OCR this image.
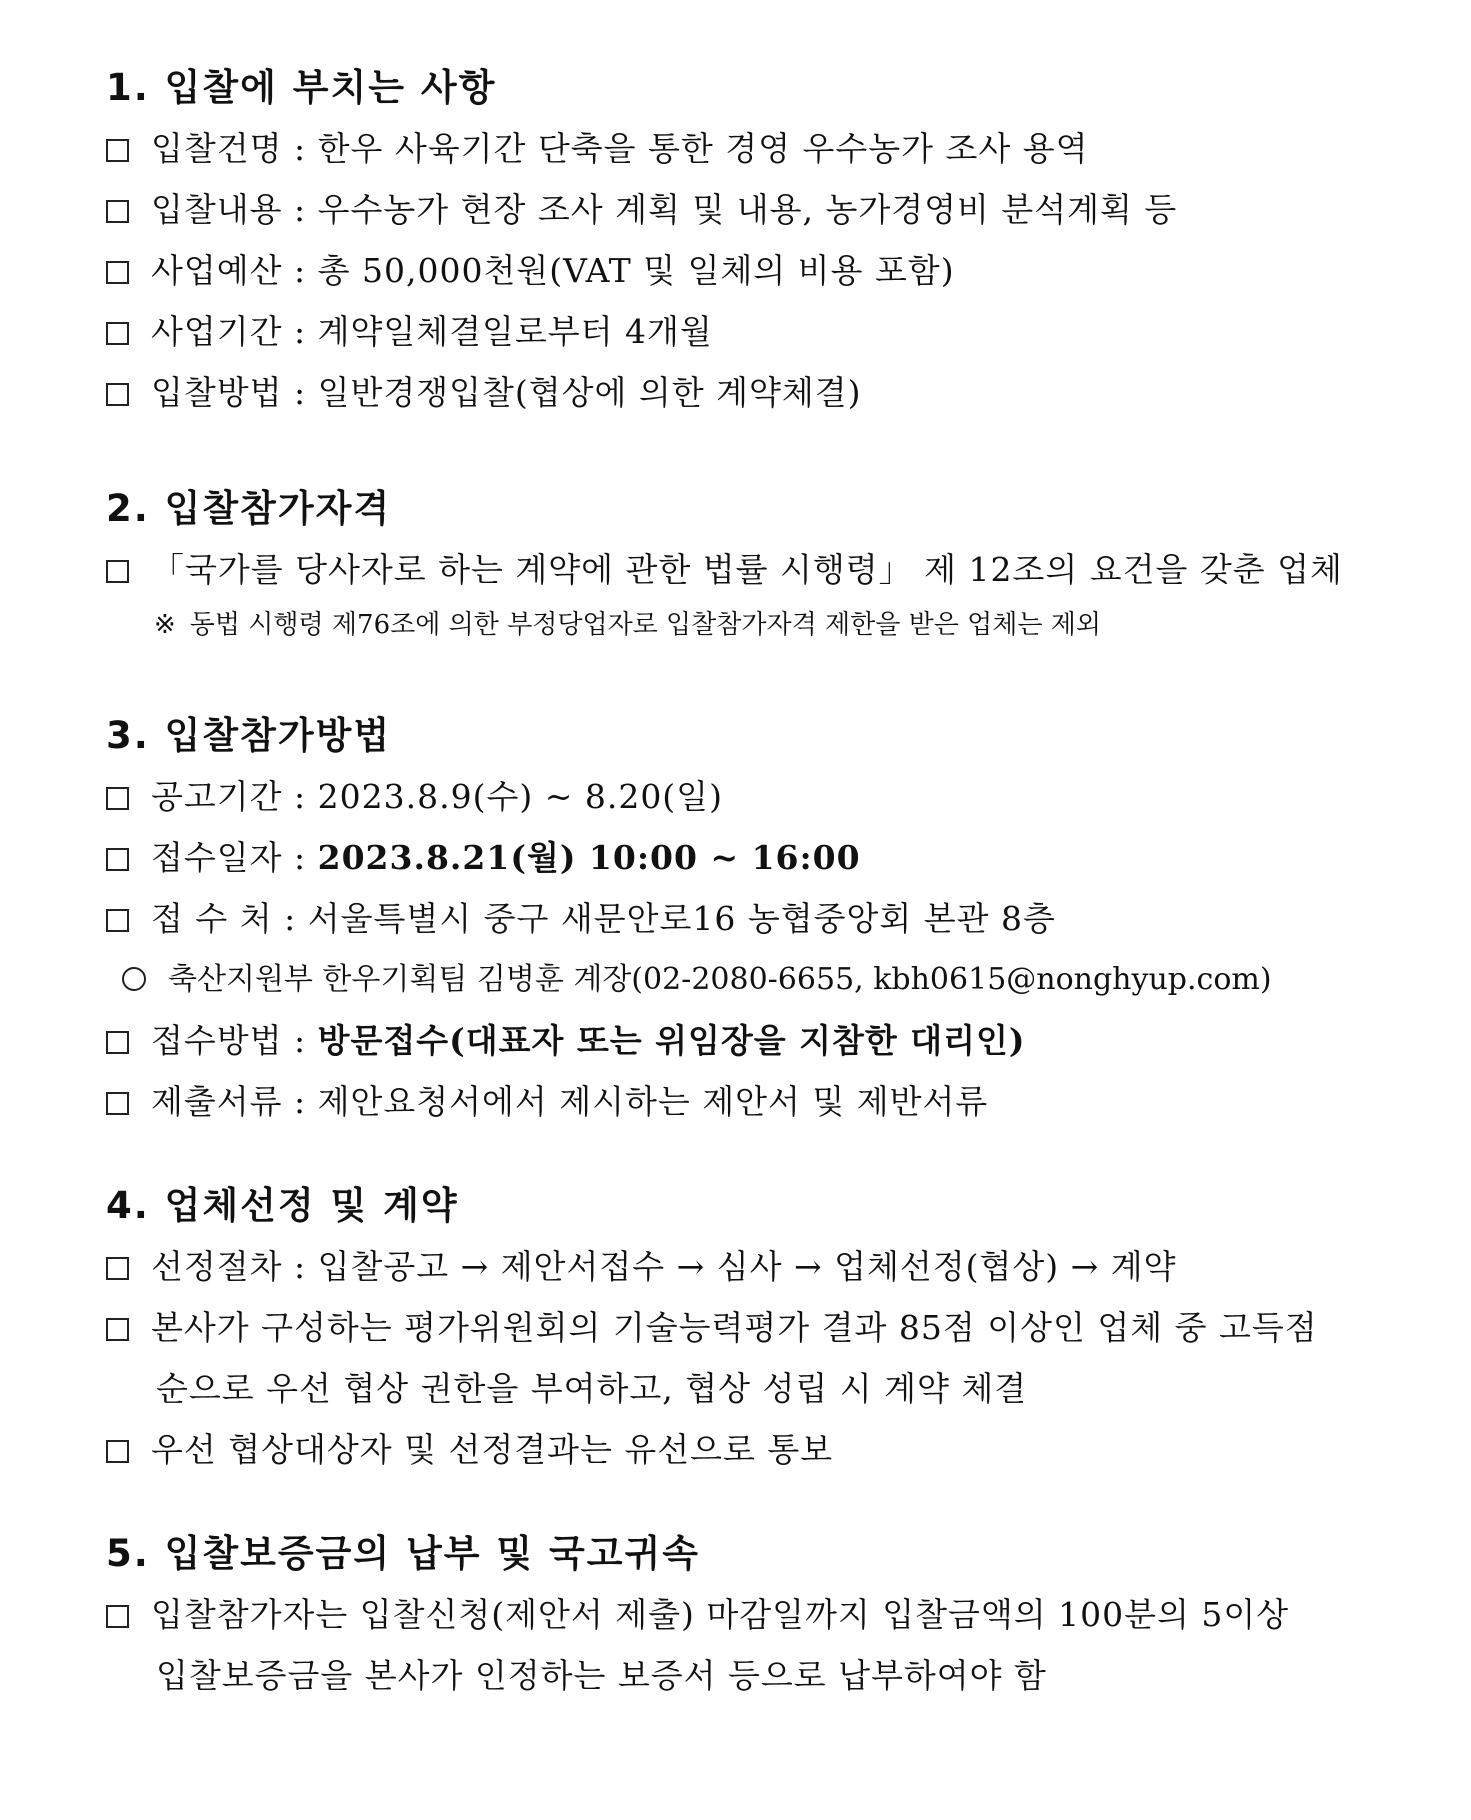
1. 입찰에 부치는 사항
입찰건명 : 한우 사육기간 단축을 통한 경영 우수농가 조사 용역
입찰내용 : 우수농가 현장 조사 계획 및 내용, 농가경영비 분석계획 등
사업예산 : 총 50,000천원(VAT 및 일체의 비용 포함)
사업기간 : 계약일체결일로부터 4개월
입찰방법 : 일반경쟁입찰(협상에 의한 계약체결)
2. 입찰참가자격
「국가를 당사자로 하는 계약에 관한 법률 시행령」 제 12조의 요건을 갖춘 업체
※ 동법 시행령 제76조에 의한 부정당업자로 입찰참가자격 제한을 받은 업체는 제외
3. 입찰참가방법
공고기간 : 2023.8.9(수) ~ 8.20(일)
접수일자 : 2023.8.21(월) 10:00 ~ 16:00
접 수 처 : 서울특별시 중구 새문안로16 농협중앙회 본관 8층
축산지원부 한우기획팀 김병훈 계장(02-2080-6655, kbh0615@nonghyup.com)
접수방법 : 방문접수(대표자 또는 위임장을 지참한 대리인)
제출서류 : 제안요청서에서 제시하는 제안서 및 제반서류
4. 업체선정 및 계약
선정절차 : 입찰공고 → 제안서접수 → 심사 → 업체선정(협상) → 계약
본사가 구성하는 평가위원회의 기술능력평가 결과 85점 이상인 업체 중 고득점
순으로 우선 협상 권한을 부여하고, 협상 성립 시 계약 체결
우선 협상대상자 및 선정결과는 유선으로 통보
5. 입찰보증금의 납부 및 국고귀속
입찰참가자는 입찰신청(제안서 제출) 마감일까지 입찰금액의 100분의 5이상
입찰보증금을 본사가 인정하는 보증서 등으로 납부하여야 함
